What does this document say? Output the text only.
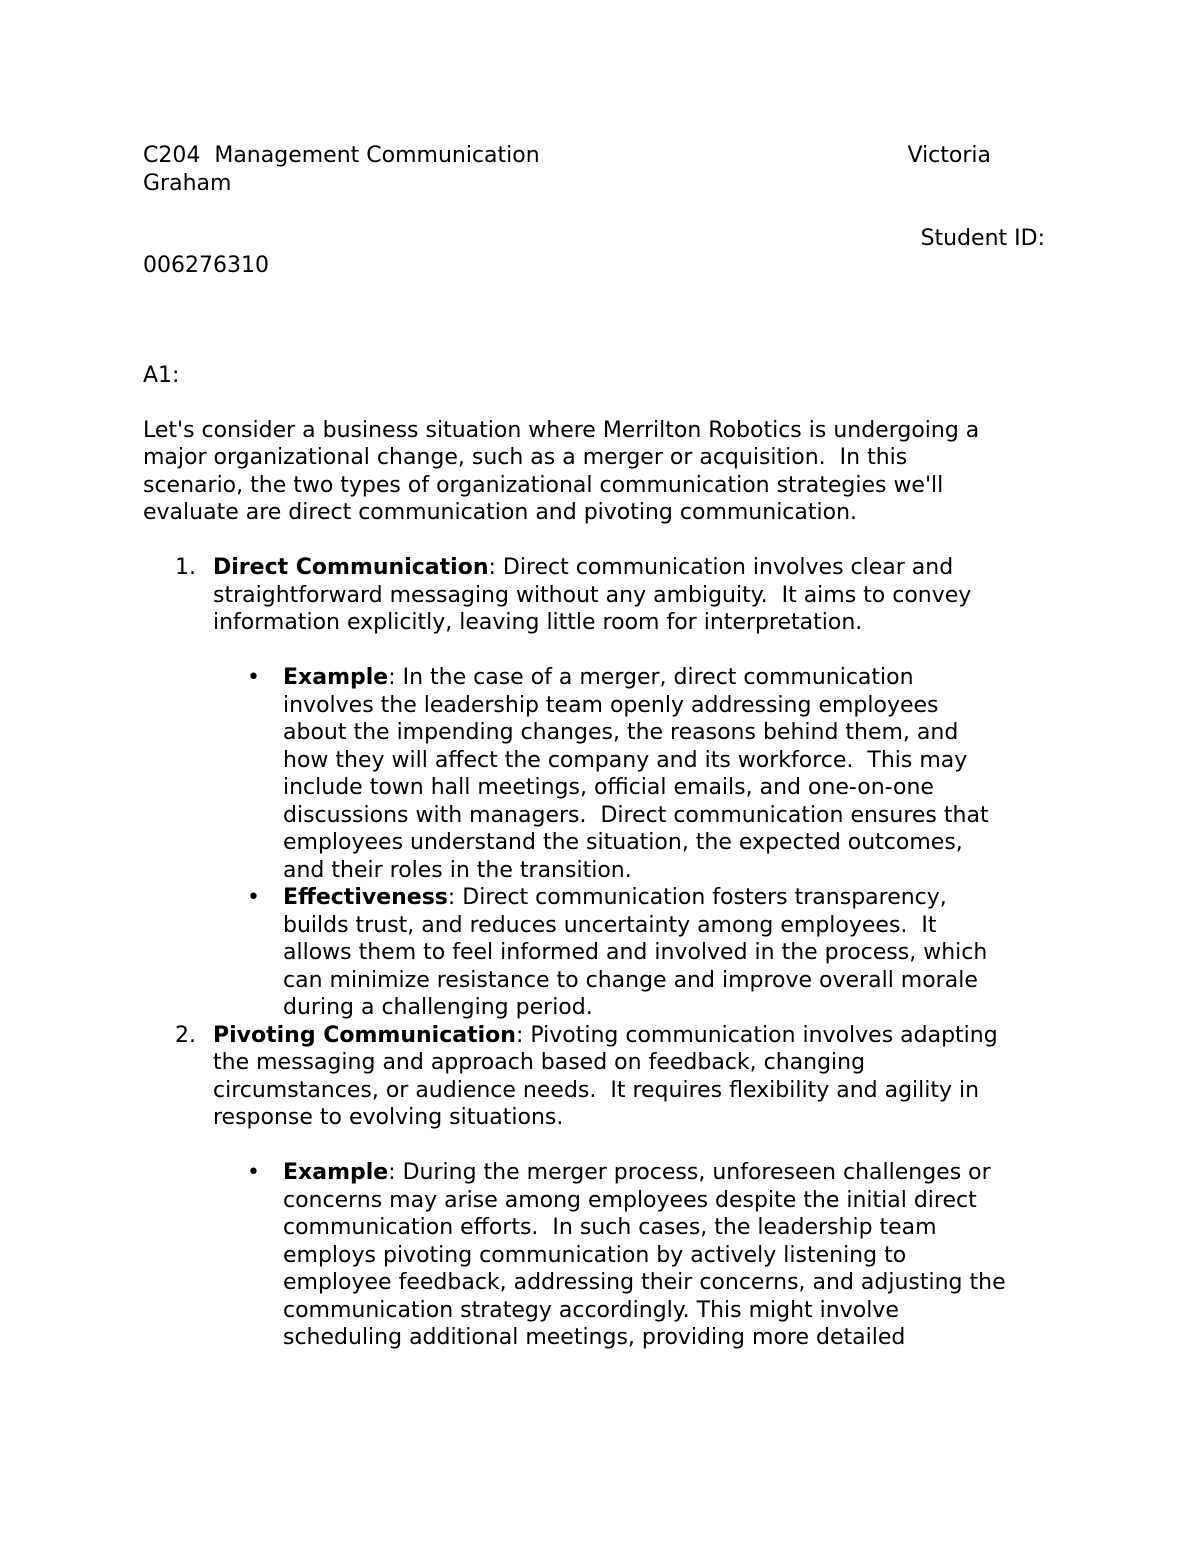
C204  Management Communication	Victoria
Graham
Student ID:
006276310
A1:
Let's consider a business situation where Merrilton Robotics is undergoing a
major organizational change, such as a merger or acquisition.  In this
scenario, the two types of organizational communication strategies we'll
evaluate are direct communication and pivoting communication.
1. Direct Communication: Direct communication involves clear and
straightforward messaging without any ambiguity.  It aims to convey
information explicitly, leaving little room for interpretation.
• Example: In the case of a merger, direct communication
involves the leadership team openly addressing employees
about the impending changes, the reasons behind them, and
how they will affect the company and its workforce.  This may
include town hall meetings, official emails, and one-on-one
discussions with managers.  Direct communication ensures that
employees understand the situation, the expected outcomes,
and their roles in the transition.
• Effectiveness: Direct communication fosters transparency,
builds trust, and reduces uncertainty among employees.  It
allows them to feel informed and involved in the process, which
can minimize resistance to change and improve overall morale
during a challenging period.
2. Pivoting Communication: Pivoting communication involves adapting
the messaging and approach based on feedback, changing
circumstances, or audience needs.  It requires flexibility and agility in
response to evolving situations.
• Example: During the merger process, unforeseen challenges or
concerns may arise among employees despite the initial direct
communication efforts.  In such cases, the leadership team
employs pivoting communication by actively listening to
employee feedback, addressing their concerns, and adjusting the
communication strategy accordingly. This might involve
scheduling additional meetings, providing more detailed
